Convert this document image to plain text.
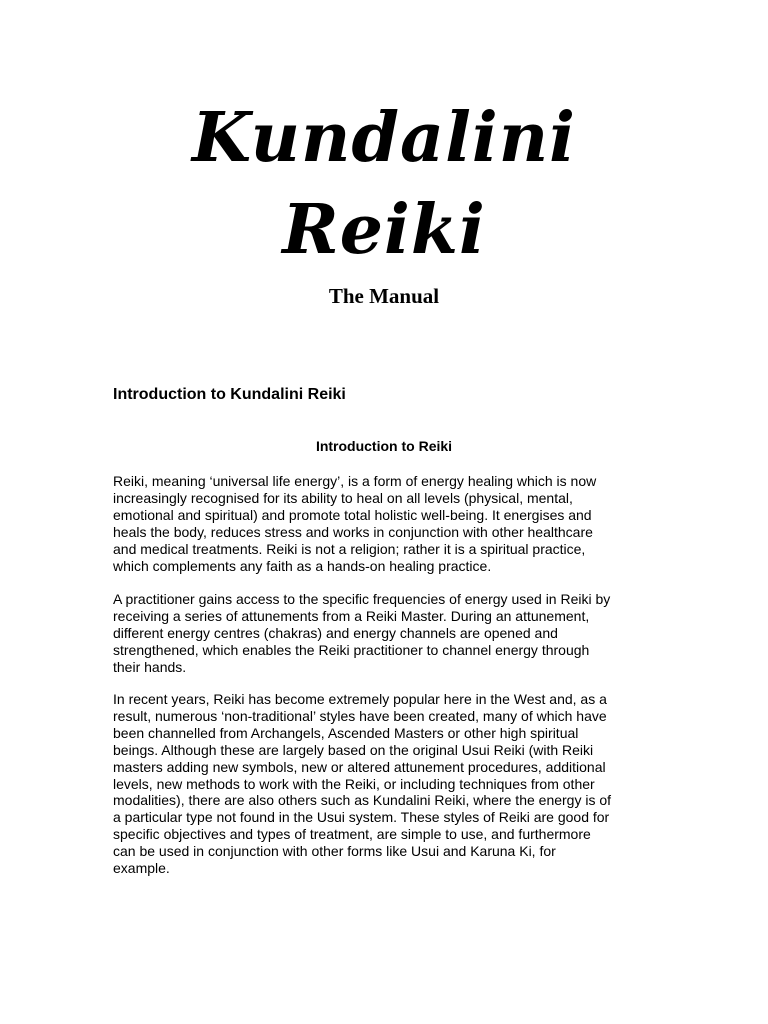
Kundalini
Reiki
The Manual
Introduction to Kundalini Reiki
Introduction to Reiki
Reiki, meaning ‘universal life energy’, is a form of energy healing which is now
increasingly recognised for its ability to heal on all levels (physical, mental,
emotional and spiritual) and promote total holistic well-being. It energises and
heals the body, reduces stress and works in conjunction with other healthcare
and medical treatments. Reiki is not a religion; rather it is a spiritual practice,
which complements any faith as a hands-on healing practice.
A practitioner gains access to the specific frequencies of energy used in Reiki by
receiving a series of attunements from a Reiki Master. During an attunement,
different energy centres (chakras) and energy channels are opened and
strengthened, which enables the Reiki practitioner to channel energy through
their hands.
In recent years, Reiki has become extremely popular here in the West and, as a
result, numerous ‘non-traditional’ styles have been created, many of which have
been channelled from Archangels, Ascended Masters or other high spiritual
beings. Although these are largely based on the original Usui Reiki (with Reiki
masters adding new symbols, new or altered attunement procedures, additional
levels, new methods to work with the Reiki, or including techniques from other
modalities), there are also others such as Kundalini Reiki, where the energy is of
a particular type not found in the Usui system. These styles of Reiki are good for
specific objectives and types of treatment, are simple to use, and furthermore
can be used in conjunction with other forms like Usui and Karuna Ki, for
example.
